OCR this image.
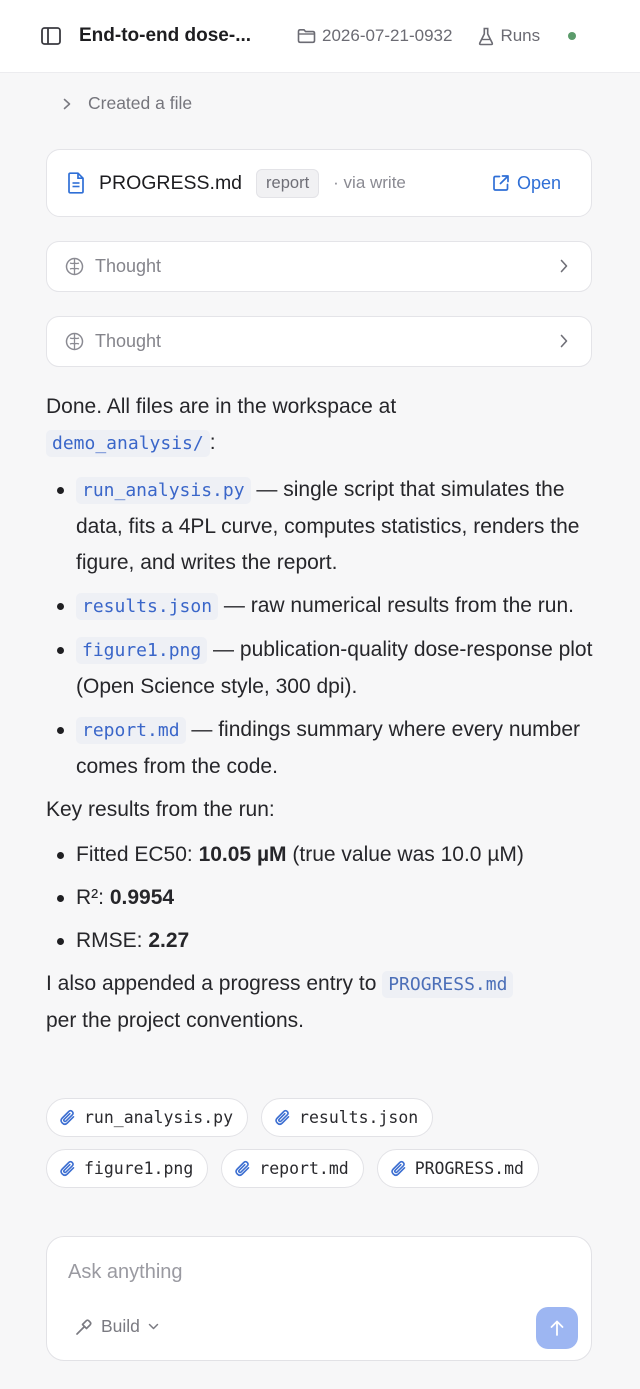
End-to-end dose-...	2026-07-21-0932	Runs
Created a file
PROGRESS.md	report	· via write	Open
Thought
Thought
Done. All files are in the workspace at
demo_analysis/ :
run_analysis.py — single script that simulates the data, fits a 4PL curve, computes statistics, renders the figure, and writes the report.
results.json — raw numerical results from the run.
figure1.png — publication-quality dose-response plot (Open Science style, 300 dpi).
report.md — findings summary where every number comes from the code.
Key results from the run:
Fitted EC50: 10.05 µM (true value was 10.0 µM)
R²: 0.9954
RMSE: 2.27
I also appended a progress entry to PROGRESS.md
per the project conventions.
run_analysis.py	results.json
figure1.png	report.md	PROGRESS.md
Ask anything
Build
